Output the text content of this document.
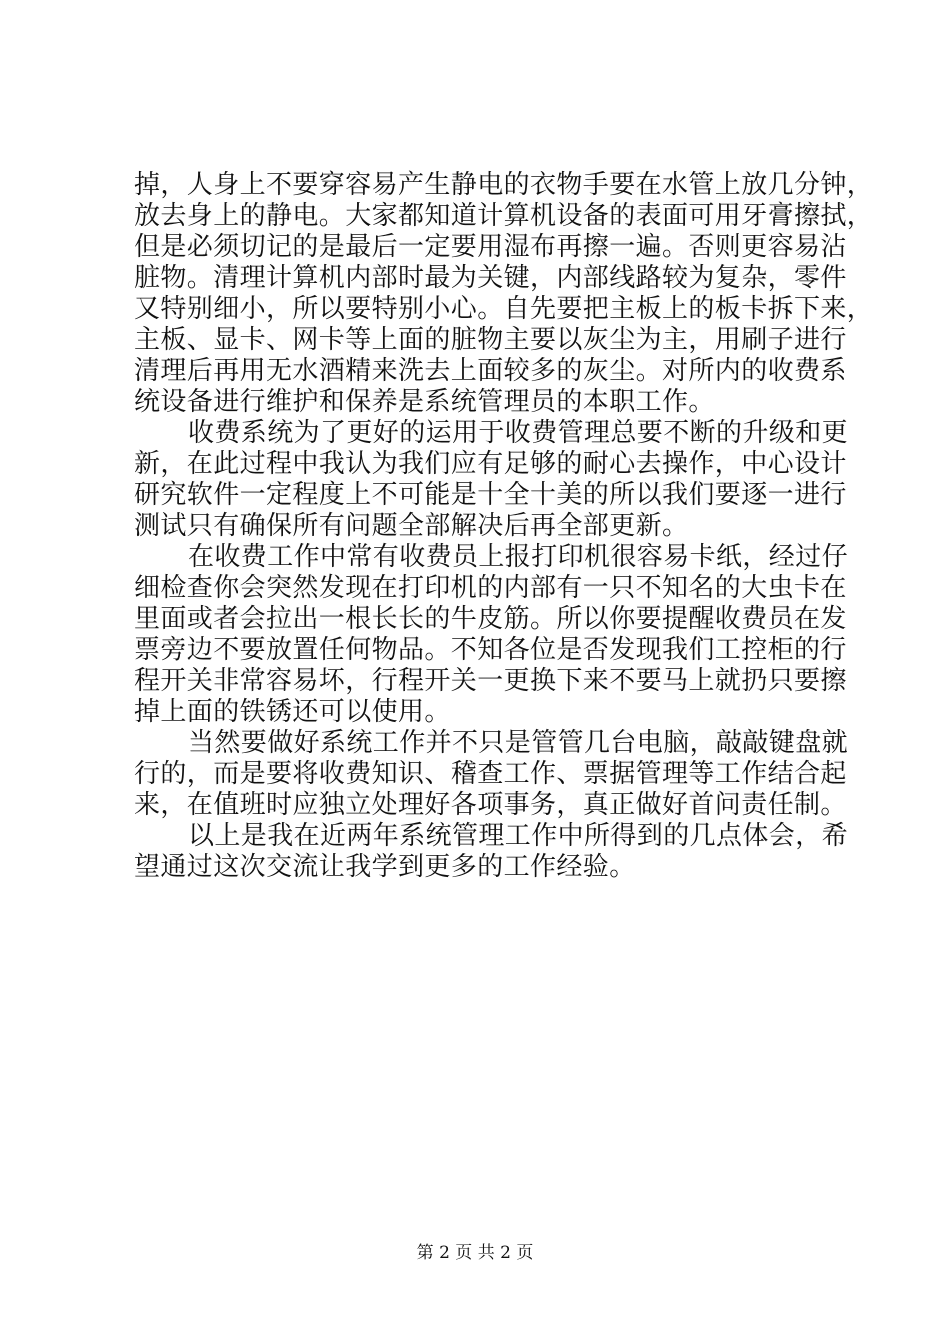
掉，人身上不要穿容易产生静电的衣物手要在水管上放几分钟，
放去身上的静电。大家都知道计算机设备的表面可用牙膏擦拭，
但是必须切记的是最后一定要用湿布再擦一遍。否则更容易沾
脏物。清理计算机内部时最为关键，内部线路较为复杂，零件
又特别细小，所以要特别小心。自先要把主板上的板卡拆下来，
主板、显卡、网卡等上面的脏物主要以灰尘为主，用刷子进行
清理后再用无水酒精来洗去上面较多的灰尘。对所内的收费系
统设备进行维护和保养是系统管理员的本职工作。
收费系统为了更好的运用于收费管理总要不断的升级和更
新，在此过程中我认为我们应有足够的耐心去操作，中心设计
研究软件一定程度上不可能是十全十美的所以我们要逐一进行
测试只有确保所有问题全部解决后再全部更新。
在收费工作中常有收费员上报打印机很容易卡纸，经过仔
细检查你会突然发现在打印机的内部有一只不知名的大虫卡在
里面或者会拉出一根长长的牛皮筋。所以你要提醒收费员在发
票旁边不要放置任何物品。不知各位是否发现我们工控柜的行
程开关非常容易坏，行程开关一更换下来不要马上就扔只要擦
掉上面的铁锈还可以使用。
当然要做好系统工作并不只是管管几台电脑，敲敲键盘就
行的，而是要将收费知识、稽查工作、票据管理等工作结合起
来，在值班时应独立处理好各项事务，真正做好首问责任制。
以上是我在近两年系统管理工作中所得到的几点体会，希
望通过这次交流让我学到更多的工作经验。
第 2 页 共 2 页
